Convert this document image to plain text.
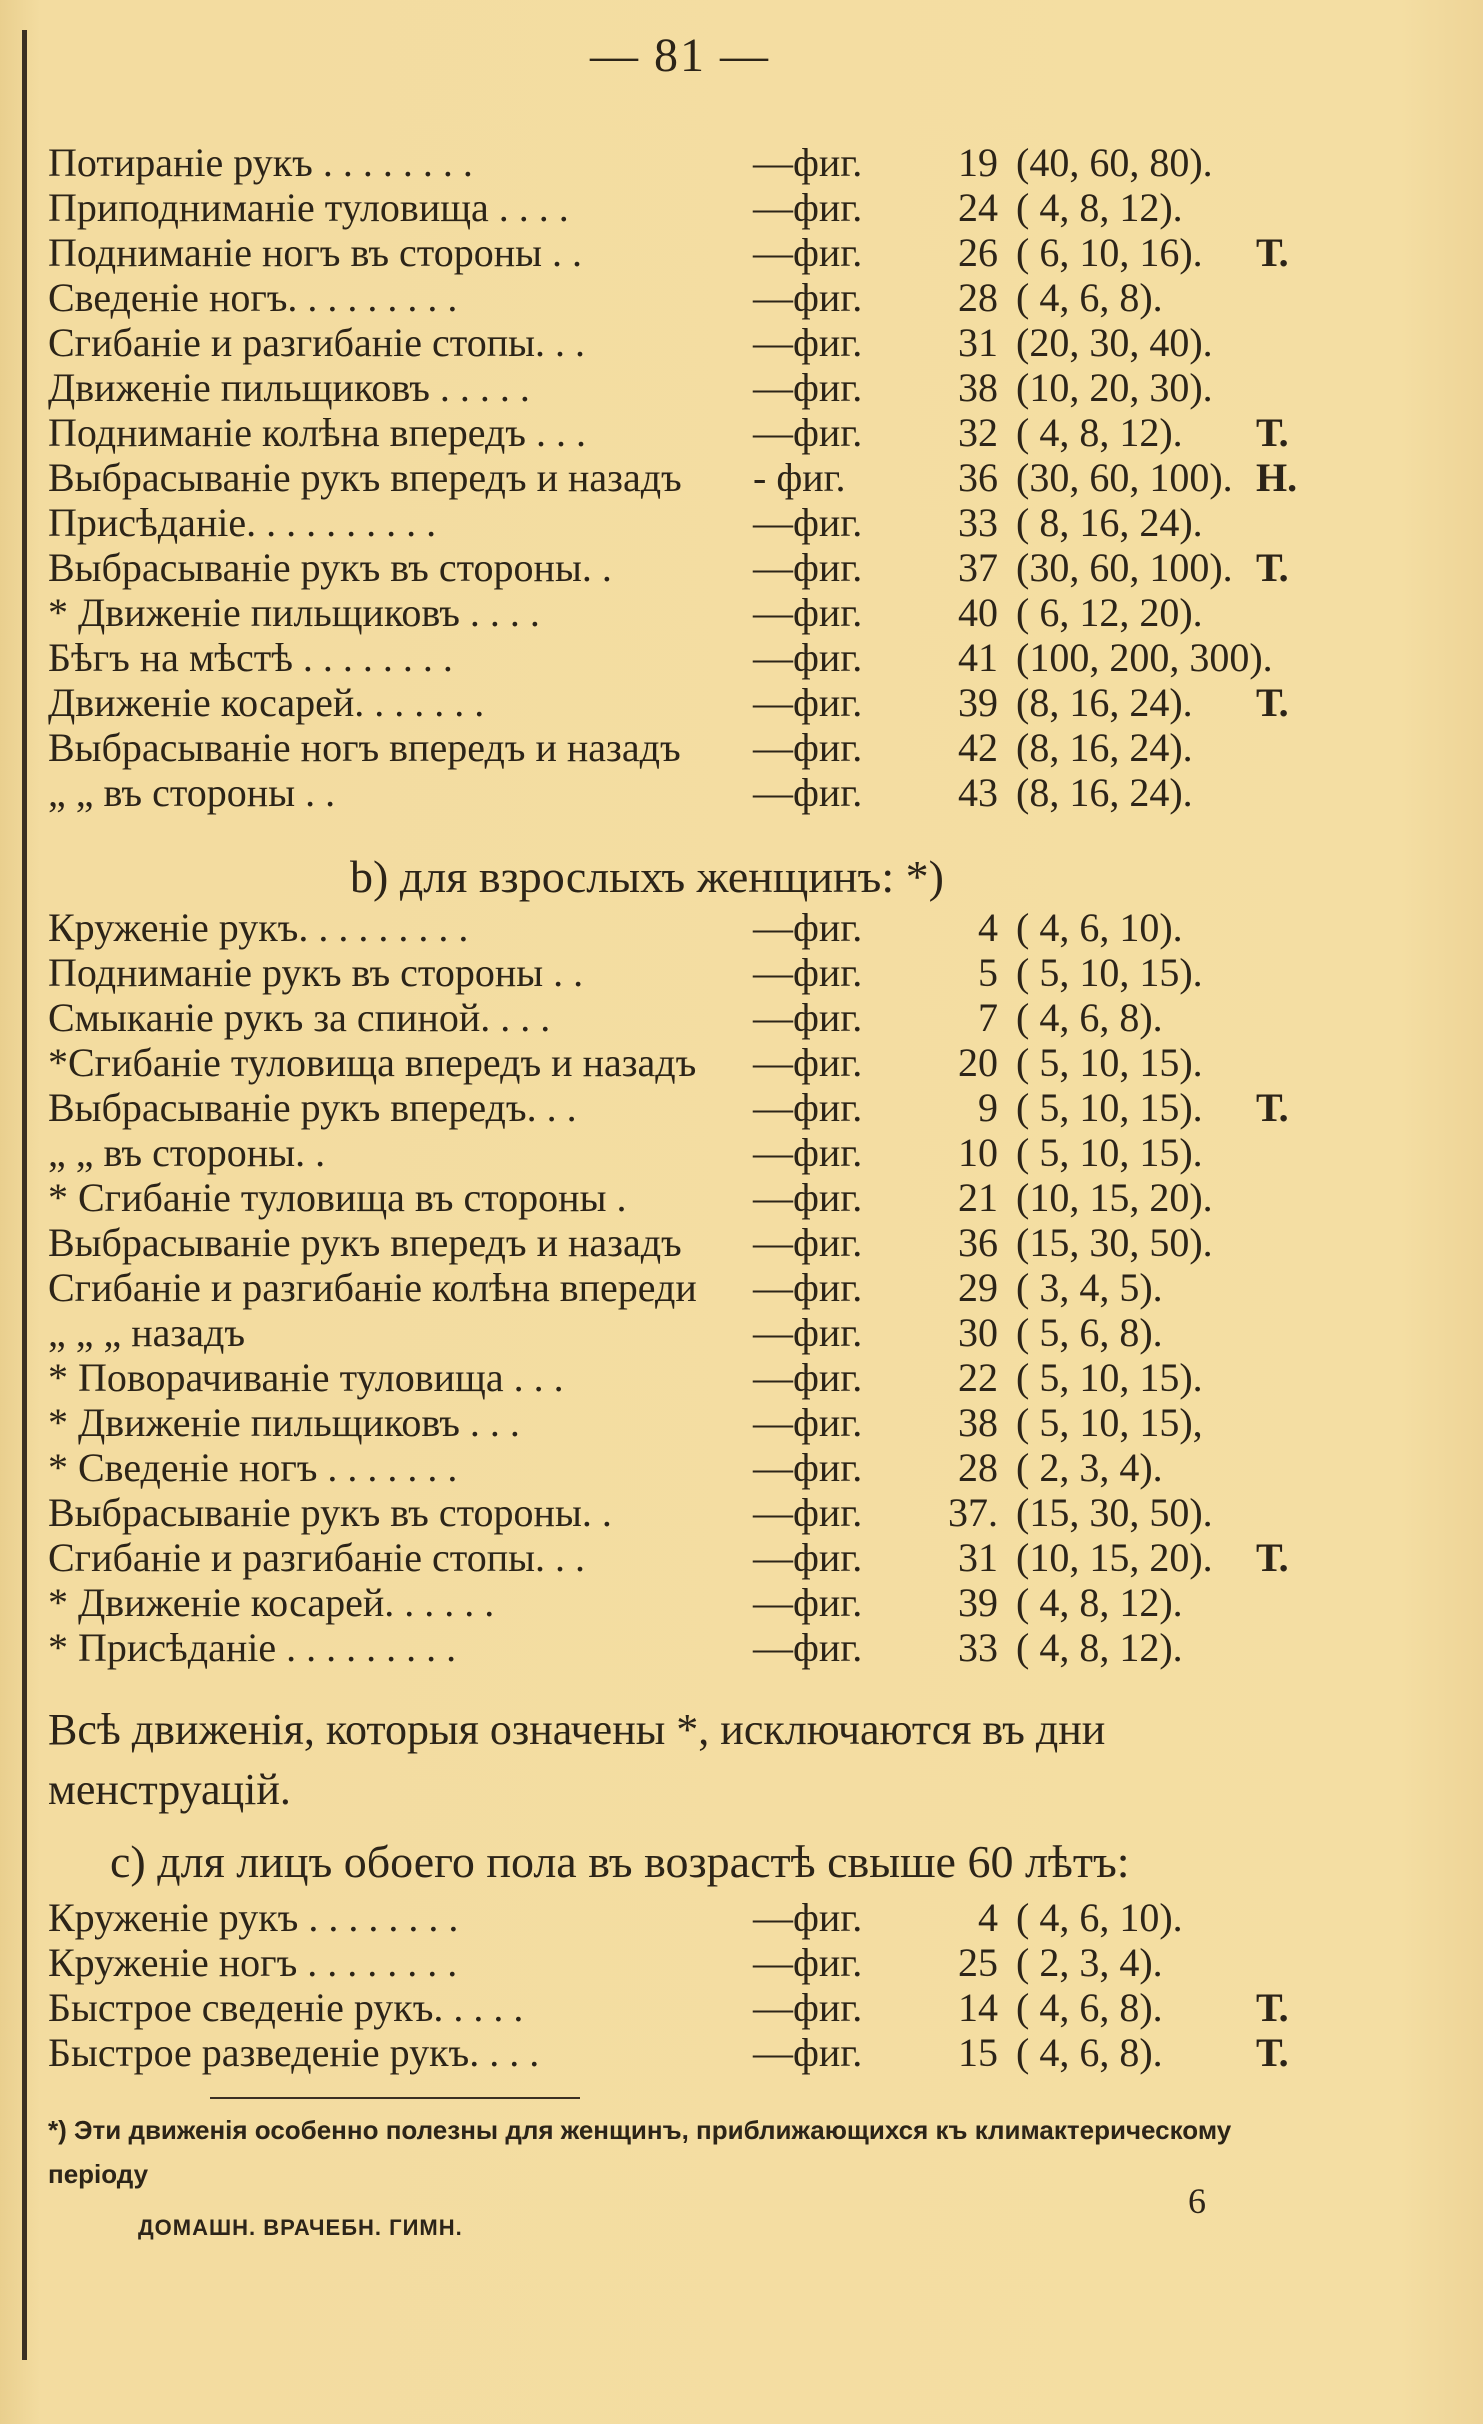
— 81 —
Потираніе рукъ . . . . . . . .	—фиг.	19 (40, 60, 80).
Приподниманіе туловища . . . .	—фиг.	24 ( 4, 8, 12).
Подниманіе ногъ въ стороны . .	—фиг.	26 ( 6, 10, 16). Т.
Сведеніе ногъ. . . . . . . . .	—фиг.	28 ( 4, 6, 8).
Сгибаніе и разгибаніе стопы. . .	—фиг.	31 (20, 30, 40).
Движеніе пильщиковъ . . . . .	—фиг.	38 (10, 20, 30).
Подниманіе колѣна впередъ . . .	—фиг.	32 ( 4, 8, 12). Т.
Выбрасываніе рукъ впередъ и назадъ - фиг.	36 (30, 60, 100). Н.
Присѣданіе. . . . . . . . . .	—фиг.	33 ( 8, 16, 24).
Выбрасываніе рукъ въ стороны. .	—фиг.	37 (30, 60, 100). Т.
* Движеніе пильщиковъ . . . .	—фиг.	40 ( 6, 12, 20).
Бѣгъ на мѣстѣ . . . . . . . .	—фиг.	41 (100, 200, 300).
Движеніе косарей. . . . . . .	—фиг.	39 (8, 16, 24). Т.
Выбрасываніе ногъ впередъ и назадъ —фиг.	42 (8, 16, 24).
„ „ въ стороны . .	—фиг.	43 (8, 16, 24).
b) для взрослыхъ женщинъ: *)
Круженіе рукъ. . . . . . . . .	—фиг.	4 ( 4, 6, 10).
Подниманіе рукъ въ стороны . .	—фиг.	5 ( 5, 10, 15).
Смыканіе рукъ за спиной. . . .	—фиг.	7 ( 4, 6, 8).
*Сгибаніе туловища впередъ и назадъ —фиг.	20 ( 5, 10, 15).
Выбрасываніе рукъ впередъ. . .	—фиг.	9 ( 5, 10, 15). Т.
„ „ въ стороны. .	—фиг.	10 ( 5, 10, 15).
* Сгибаніе туловища въ стороны .	—фиг.	21 (10, 15, 20).
Выбрасываніе рукъ впередъ и назадъ —фиг.	36 (15, 30, 50).
Сгибаніе и разгибаніе колѣна впереди —фиг.	29 ( 3, 4, 5).
„ „ „ назадъ	—фиг.	30 ( 5, 6, 8).
* Поворачиваніе туловища . . .	—фиг.	22 ( 5, 10, 15).
* Движеніе пильщиковъ . . .	—фиг.	38 ( 5, 10, 15),
* Сведеніе ногъ . . . . . . .	—фиг.	28 ( 2, 3, 4).
Выбрасываніе рукъ въ стороны. .	—фиг.	37. (15, 30, 50).
Сгибаніе и разгибаніе стопы. . .	—фиг.	31 (10, 15, 20). Т.
* Движеніе косарей. . . . . .	—фиг.	39 ( 4, 8, 12).
* Присѣданіе . . . . . . . . .	—фиг.	33 ( 4, 8, 12).
Всѣ движенія, которыя означены *, исключаются въ дни менструацій.
c) для лицъ обоего пола въ возрастѣ свыше 60 лѣтъ:
Круженіе рукъ . . . . . . . .	—фиг.	4 ( 4, 6, 10).
Круженіе ногъ . . . . . . . .	—фиг.	25 ( 2, 3, 4).
Быстрое сведеніе рукъ. . . . .	—фиг.	14 ( 4, 6, 8). Т.
Быстрое разведеніе рукъ. . . .	—фиг.	15 ( 4, 6, 8). Т.
*) Эти движенія особенно полезны для женщинъ, приближающихся къ климактерическому періоду
ДОМАШН. ВРАЧЕБН. ГИМН.
6
